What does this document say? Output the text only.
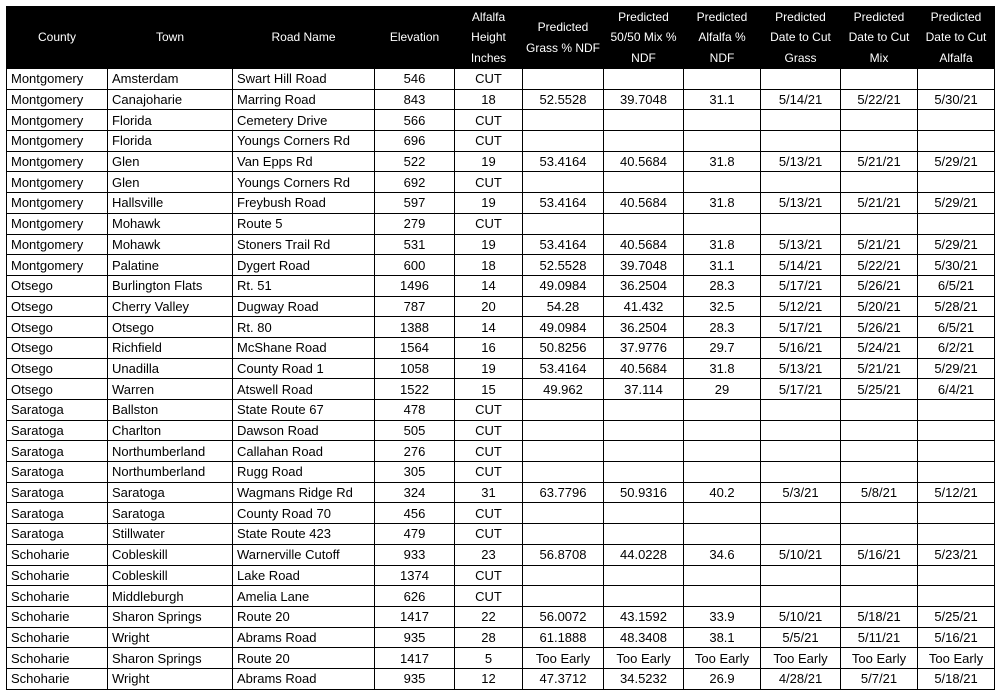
County	Town	Road Name	Elevation	Alfalfa Height Inches	Predicted Grass % NDF	Predicted 50/50 Mix % NDF	Predicted Alfalfa % NDF	Predicted Date to Cut Grass	Predicted Date to Cut Mix	Predicted Date to Cut Alfalfa
Montgomery	Amsterdam	Swart Hill Road	546	CUT						
Montgomery	Canajoharie	Marring Road	843	18	52.5528	39.7048	31.1	5/14/21	5/22/21	5/30/21
Montgomery	Florida	Cemetery Drive	566	CUT						
Montgomery	Florida	Youngs Corners Rd	696	CUT						
Montgomery	Glen	Van Epps Rd	522	19	53.4164	40.5684	31.8	5/13/21	5/21/21	5/29/21
Montgomery	Glen	Youngs Corners Rd	692	CUT						
Montgomery	Hallsville	Freybush Road	597	19	53.4164	40.5684	31.8	5/13/21	5/21/21	5/29/21
Montgomery	Mohawk	Route 5	279	CUT						
Montgomery	Mohawk	Stoners Trail Rd	531	19	53.4164	40.5684	31.8	5/13/21	5/21/21	5/29/21
Montgomery	Palatine	Dygert Road	600	18	52.5528	39.7048	31.1	5/14/21	5/22/21	5/30/21
Otsego	Burlington Flats	Rt. 51	1496	14	49.0984	36.2504	28.3	5/17/21	5/26/21	6/5/21
Otsego	Cherry Valley	Dugway Road	787	20	54.28	41.432	32.5	5/12/21	5/20/21	5/28/21
Otsego	Otsego	Rt. 80	1388	14	49.0984	36.2504	28.3	5/17/21	5/26/21	6/5/21
Otsego	Richfield	McShane Road	1564	16	50.8256	37.9776	29.7	5/16/21	5/24/21	6/2/21
Otsego	Unadilla	County Road 1	1058	19	53.4164	40.5684	31.8	5/13/21	5/21/21	5/29/21
Otsego	Warren	Atswell Road	1522	15	49.962	37.114	29	5/17/21	5/25/21	6/4/21
Saratoga	Ballston	State Route 67	478	CUT						
Saratoga	Charlton	Dawson Road	505	CUT						
Saratoga	Northumberland	Callahan Road	276	CUT						
Saratoga	Northumberland	Rugg Road	305	CUT						
Saratoga	Saratoga	Wagmans Ridge Rd	324	31	63.7796	50.9316	40.2	5/3/21	5/8/21	5/12/21
Saratoga	Saratoga	County Road 70	456	CUT						
Saratoga	Stillwater	State Route 423	479	CUT						
Schoharie	Cobleskill	Warnerville Cutoff	933	23	56.8708	44.0228	34.6	5/10/21	5/16/21	5/23/21
Schoharie	Cobleskill	Lake Road	1374	CUT						
Schoharie	Middleburgh	Amelia Lane	626	CUT						
Schoharie	Sharon Springs	Route 20	1417	22	56.0072	43.1592	33.9	5/10/21	5/18/21	5/25/21
Schoharie	Wright	Abrams Road	935	28	61.1888	48.3408	38.1	5/5/21	5/11/21	5/16/21
Schoharie	Sharon Springs	Route 20	1417	5	Too Early	Too Early	Too Early	Too Early	Too Early	Too Early
Schoharie	Wright	Abrams Road	935	12	47.3712	34.5232	26.9	4/28/21	5/7/21	5/18/21
